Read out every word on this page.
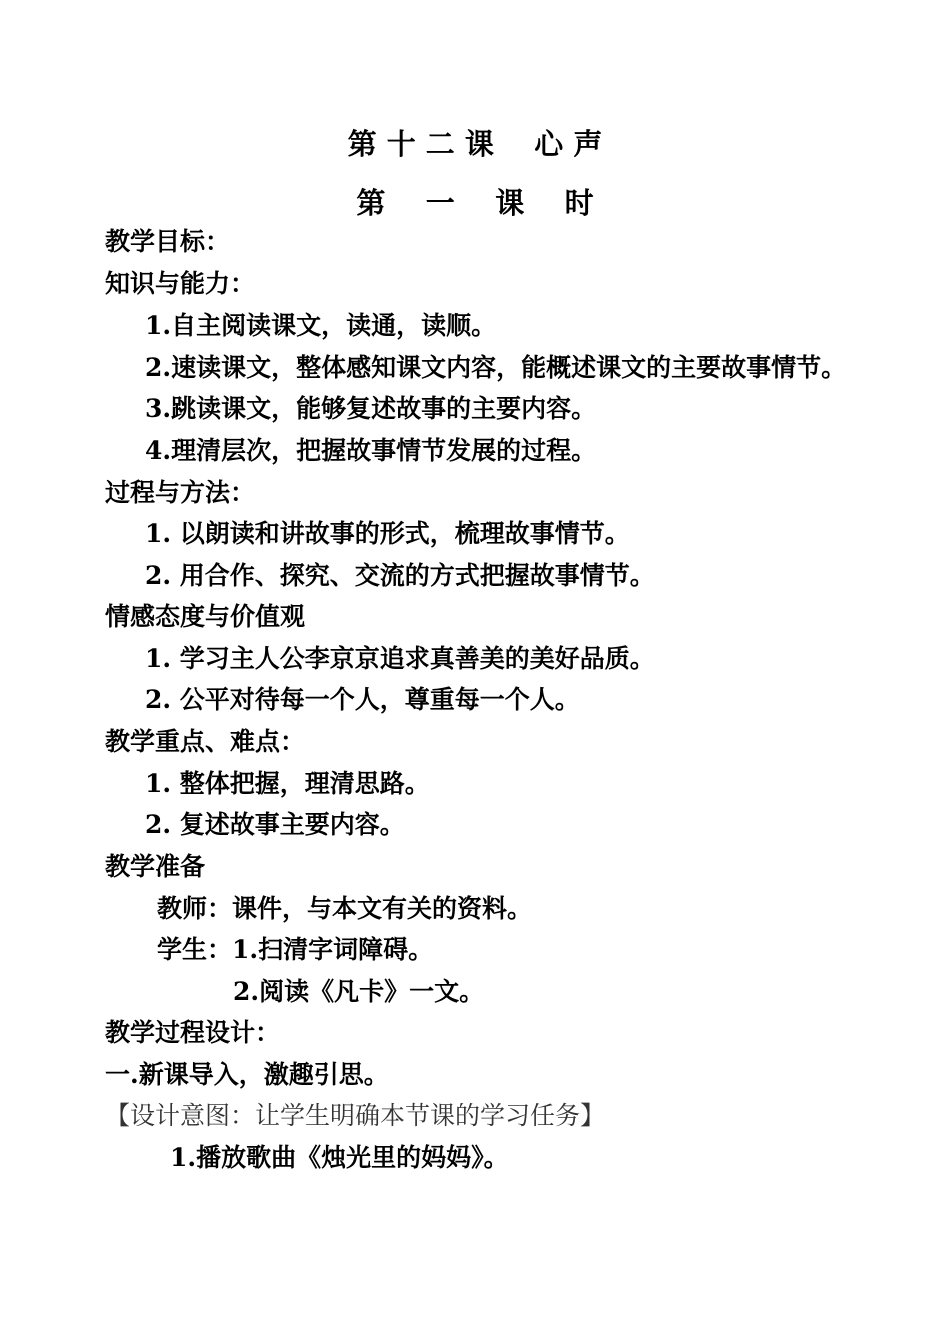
第 十 二 课    心 声
第    一    课    时
教学目标：
知识与能力：
1.自主阅读课文，读通，读顺。
2.速读课文，整体感知课文内容，能概述课文的主要故事情节。
3.跳读课文，能够复述故事的主要内容。
4.理清层次，把握故事情节发展的过程。
过程与方法：
1. 以朗读和讲故事的形式，梳理故事情节。
2. 用合作、探究、交流的方式把握故事情节。
情感态度与价值观
1. 学习主人公李京京追求真善美的美好品质。
2. 公平对待每一个人，尊重每一个人。
教学重点、难点：
1. 整体把握，理清思路。
2. 复述故事主要内容。
教学准备
教师：课件，与本文有关的资料。
学生：1.扫清字词障碍。
2.阅读《凡卡》一文。
教学过程设计：
一.新课导入，激趣引思。
【设计意图：让学生明确本节课的学习任务】
1.播放歌曲《烛光里的妈妈》。
